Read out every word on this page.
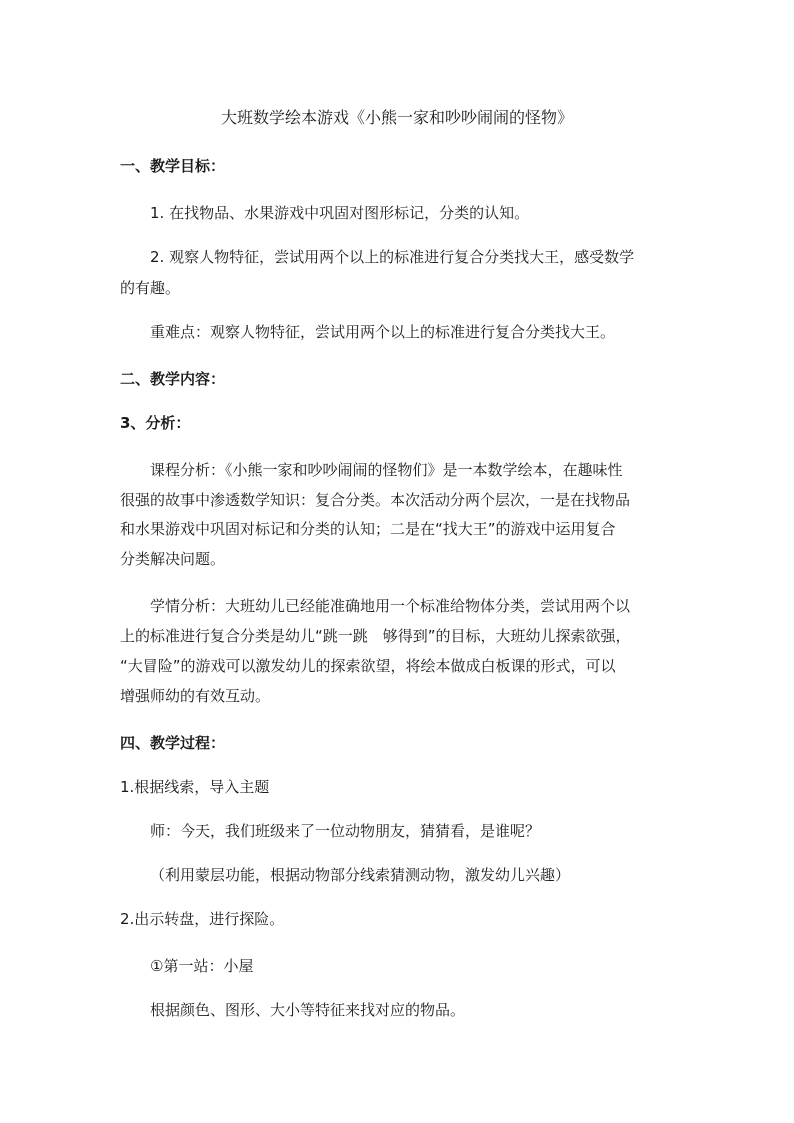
大班数学绘本游戏《小熊一家和吵吵闹闹的怪物》
一、教学目标：
1. 在找物品、水果游戏中巩固对图形标记，分类的认知。
2. 观察人物特征，尝试用两个以上的标准进行复合分类找大王，感受数学
的有趣。
重难点：观察人物特征，尝试用两个以上的标准进行复合分类找大王。
二、教学内容：
3、分析：
课程分析：《小熊一家和吵吵闹闹的怪物们》是一本数学绘本，在趣味性
很强的故事中渗透数学知识：复合分类。本次活动分两个层次，一是在找物品
和水果游戏中巩固对标记和分类的认知；二是在“找大王”的游戏中运用复合
分类解决问题。
学情分析：大班幼儿已经能准确地用一个标准给物体分类，尝试用两个以
上的标准进行复合分类是幼儿“跳一跳　够得到”的目标，大班幼儿探索欲强，
“大冒险”的游戏可以激发幼儿的探索欲望，将绘本做成白板课的形式，可以
增强师幼的有效互动。
四、教学过程：
1.根据线索，导入主题
师：今天，我们班级来了一位动物朋友，猜猜看，是谁呢？
（利用蒙层功能，根据动物部分线索猜测动物，激发幼儿兴趣）
2.出示转盘，进行探险。
①第一站：小屋
根据颜色、图形、大小等特征来找对应的物品。
